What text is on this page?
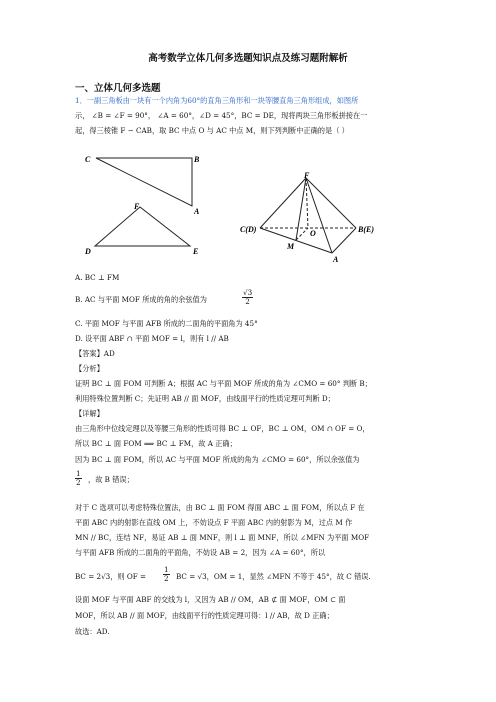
高考数学立体几何多选题知识点及练习题附解析
一、立体几何多选题
1．一副三角板由一块有一个内角为60°的直角三角形和一块等腰直角三角形组成，如图所
示， ∠B = ∠F = 90°， ∠A = 60°，∠D = 45°，BC = DE，现将两块三角形板拼接在一
起，得三棱锥 F − CAB，取 BC 中点 O 与 AC 中点 M，则下列判断中正确的是（ ）
C	B
F
A
D	E
F
C(D)	B(E)
O
M
A
A. BC ⊥ FM
B. AC 与平面 MOF 所成的角的余弦值为	$\frac{√3}{2}$
C. 平面 MOF 与平面 AFB 所成的二面角的平面角为 45°
D. 设平面 ABF ∩ 平面 MOF = l，则有 l // AB
【答案】AD
【分析】
证明 BC ⊥ 面 FOM 可判断 A；根据 AC 与平面 MOF 所成的角为 ∠CMO = 60° 判断 B；
利用特殊位置判断 C；先证明 AB // 面 MOF，由线面平行的性质定理可判断 D；
【详解】
由三角形中位线定理以及等腰三角形的性质可得 BC ⊥ OF，BC ⊥ OM，OM ∩ OF = O，
所以 BC ⊥ 面 FOM ⟹ BC ⊥ FM，故 A 正确；
因为 BC ⊥ 面 FOM，所以 AC 与平面 MOF 所成的角为 ∠CMO = 60°，所以余弦值为
$\frac{1}{2}$ ，故 B 错误；
对于 C 选项可以考虑特殊位置法，由 BC ⊥ 面 FOM 得面 ABC ⊥ 面 FOM，所以点 F 在
平面 ABC 内的射影在直线 OM 上，不妨设点 F 平面 ABC 内的射影为 M，过点 M 作
MN // BC，连结 NF，易证 AB ⊥ 面 MNF，则 l ⊥ 面 MNF，所以 ∠MFN 为平面 MOF
与平面 AFB 所成的二面角的平面角，不妨设 AB = 2，因为 ∠A = 60°，所以
BC = 2√3，则 OF =	$\frac{1}{2}$ BC = √3，OM = 1，显然 ∠MFN 不等于 45°，故 C 错误.
设面 MOF 与平面 ABF 的交线为 l，又因为 AB // OM，AB ⊄ 面 MOF，OM ⊂ 面
MOF，所以 AB // 面 MOF，由线面平行的性质定理可得：l // AB，故 D 正确；
故选：AD.
